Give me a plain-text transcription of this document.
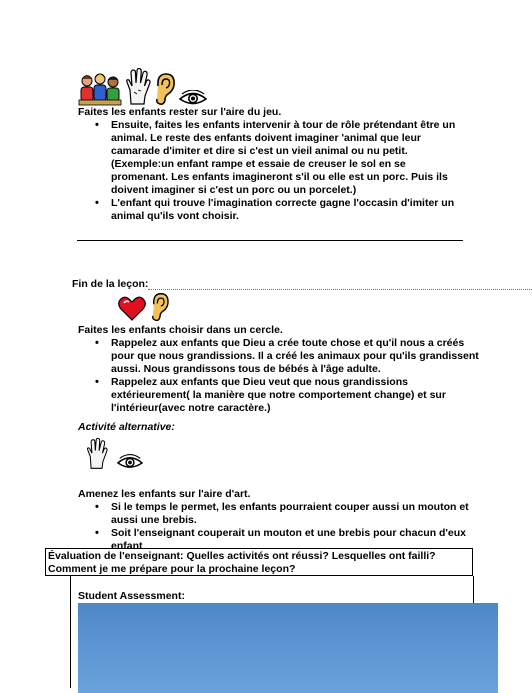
Faites les enfants rester sur l'aire du jeu.

• Ensuite, faites les enfants intervenir à tour de rôle prétendant être un animal. Le reste des enfants doivent imaginer 'animal que leur camarade d'imiter et dire si c'est un vieil animal ou nu petit. (Exemple:un enfant rampe et essaie de creuser le sol en se promenant. Les enfants imagineront s'il ou elle est un porc. Puis ils doivent imaginer si c'est un porc ou un porcelet.)
• L'enfant qui trouve l'imagination correcte gagne l'occasin d'imiter un animal qu'ils vont choisir.

Fin de la leçon:

Faites les enfants choisir dans un cercle.

• Rappelez aux enfants que Dieu a crée toute chose et qu'il nous a créés pour que nous grandissions. Il a créé les animaux pour qu'ils grandissent aussi. Nous grandissons tous de bébés à l'âge adulte.
• Rappelez aux enfants que Dieu veut que nous grandissions extérieurement( la manière que notre comportement change) et sur l'intérieur(avec notre caractère.)

Activité alternative:

Amenez les enfants sur l'aire d'art.

• Si le temps le permet, les enfants pourraient couper aussi un mouton et aussi une brebis.
• Soit l'enseignant couperait un mouton et une brebis pour chacun d'eux enfant

Évaluation de l'enseignant: Quelles activités ont réussi? Lesquelles ont failli?

Comment je me prépare pour la prochaine leçon?

Student Assessment:
